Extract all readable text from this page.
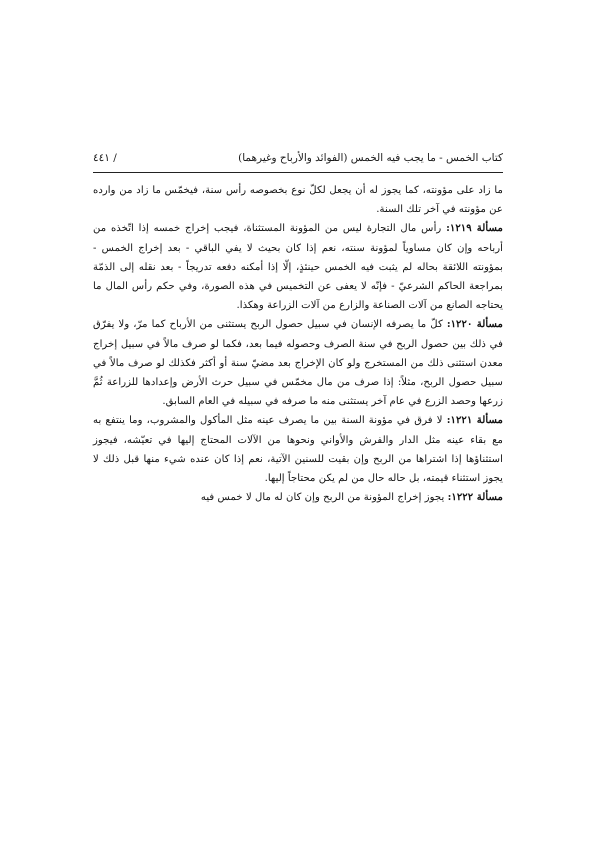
كتاب الخمس - ما يجب فيه الخمس (الفوائد والأرباح وغيرهما)
/ ٤٤١

ما زاد على مؤونته، كما يجوز له أن يجعل لكلّ نوع بخصوصه رأس سنة، فيخمّس ما زاد من وارده عن مؤونته في آخر تلك السنة.

مسألة ١٢١٩: رأس مال التجارة ليس من المؤونة المستثناة، فيجب إخراج خمسه إذا اتّخذه من أرباحه وإن كان مساوياً لمؤونة سنته، نعم إذا كان بحيث لا يفي الباقي - بعد إخراج الخمس - بمؤونته اللائقة بحاله لم يثبت فيه الخمس حينئذٍ، إلّا إذا أمكنه دفعه تدريجاً - بعد نقله إلى الذمّة بمراجعة الحاكم الشرعيّ - فإنّه لا يعفى عن التخميس في هذه الصورة، وفي حكم رأس المال ما يحتاجه الصانع من آلات الصناعة والزارع من آلات الزراعة وهكذا.

مسألة ١٢٢٠: كلّ ما يصرفه الإنسان في سبيل حصول الربح يستثنى من الأرباح كما مرّ، ولا يفرّق في ذلك بين حصول الربح في سنة الصرف وحصوله فيما بعد، فكما لو صرف مالاً في سبيل إخراج معدن استثنى ذلك من المستخرج ولو كان الإخراج بعد مضيّ سنة أو أكثر فكذلك لو صرف مالاً في سبيل حصول الربح، مثلاً: إذا صرف من مال مخمّس في سبيل حرث الأرض وإعدادها للزراعة ثُمَّ زرعها وحصد الزرع في عام آخر يستثنى منه ما صرفه في سبيله في العام السابق.

مسألة ١٢٢١: لا فرق في مؤونة السنة بين ما يصرف عينه مثل المأكول والمشروب، وما ينتفع به مع بقاء عينه مثل الدار والفرش والأواني ونحوها من الآلات المحتاج إليها في تعيّشه، فيجوز استثناؤها إذا اشتراها من الربح وإن بقيت للسنين الآتية، نعم إذا كان عنده شيء منها قبل ذلك لا يجوز استثناء قيمته، بل حاله حال من لم يكن محتاجاً إليها.

مسألة ١٢٢٢: يجوز إخراج المؤونة من الربح وإن كان له مال لا خمس فيه
